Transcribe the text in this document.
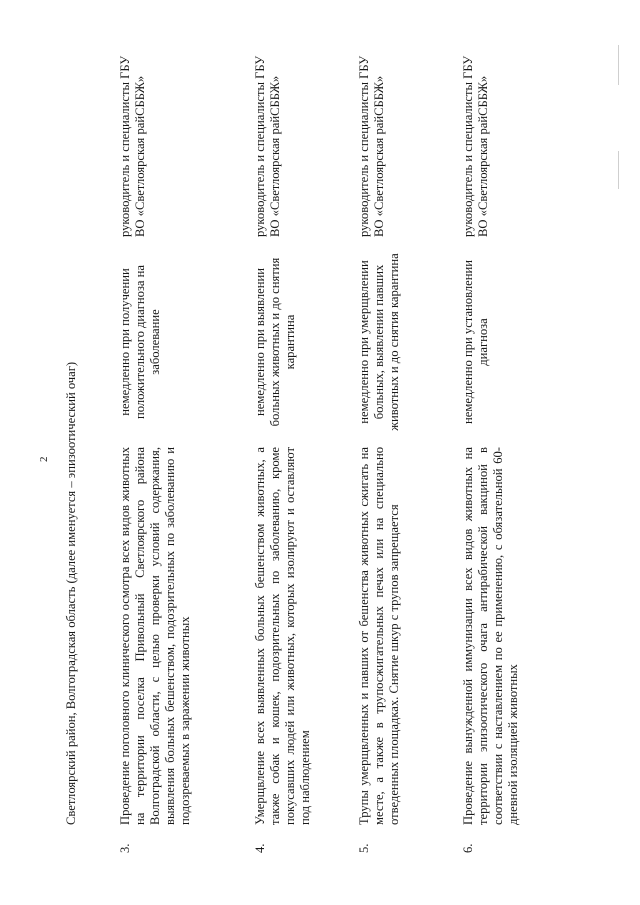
2 Светлоярский район, Волгоградская область (далее именуется – эпизоотический очаг)
3.
Проведение поголовного клинического осмотра всех видов животных на территории поселка Привольный Светлоярского района Волгоградской области, с целью проверки условий содержания, выявления больных бешенством, подозрительных по заболеванию и подозреваемых в заражении животных
немедленно при получении положительного диагноза на заболевание
руководитель и специалисты ГБУ ВО «Светлоярская райСББЖ»
4.
Умерщвление всех выявленных больных бешенством животных, а также собак и кошек, подозрительных по заболеванию, кроме покусавших людей или животных, которых изолируют и оставляют под наблюдением
немедленно при выявлении больных животных и до снятия карантина
руководитель и специалисты ГБУ ВО «Светлоярская райСББЖ»
5.
Трупы умерщвленных и павших от бешенства животных сжигать на месте, а также в трупосжигательных печах или на специально отведенных площадках. Снятие шкур с трупов запрещается
немедленно при умерщвлении больных, выявлении павших животных и до снятия карантина
руководитель и специалисты ГБУ ВО «Светлоярская райСББЖ»
6.
Проведение вынужденной иммунизации всех видов животных на территории эпизоотического очага антирабической вакциной в соответствии с наставлением по ее применению, с обязательной 60-дневной изоляцией животных
немедленно при установлении диагноза
руководитель и специалисты ГБУ ВО «Светлоярская райСББЖ»
